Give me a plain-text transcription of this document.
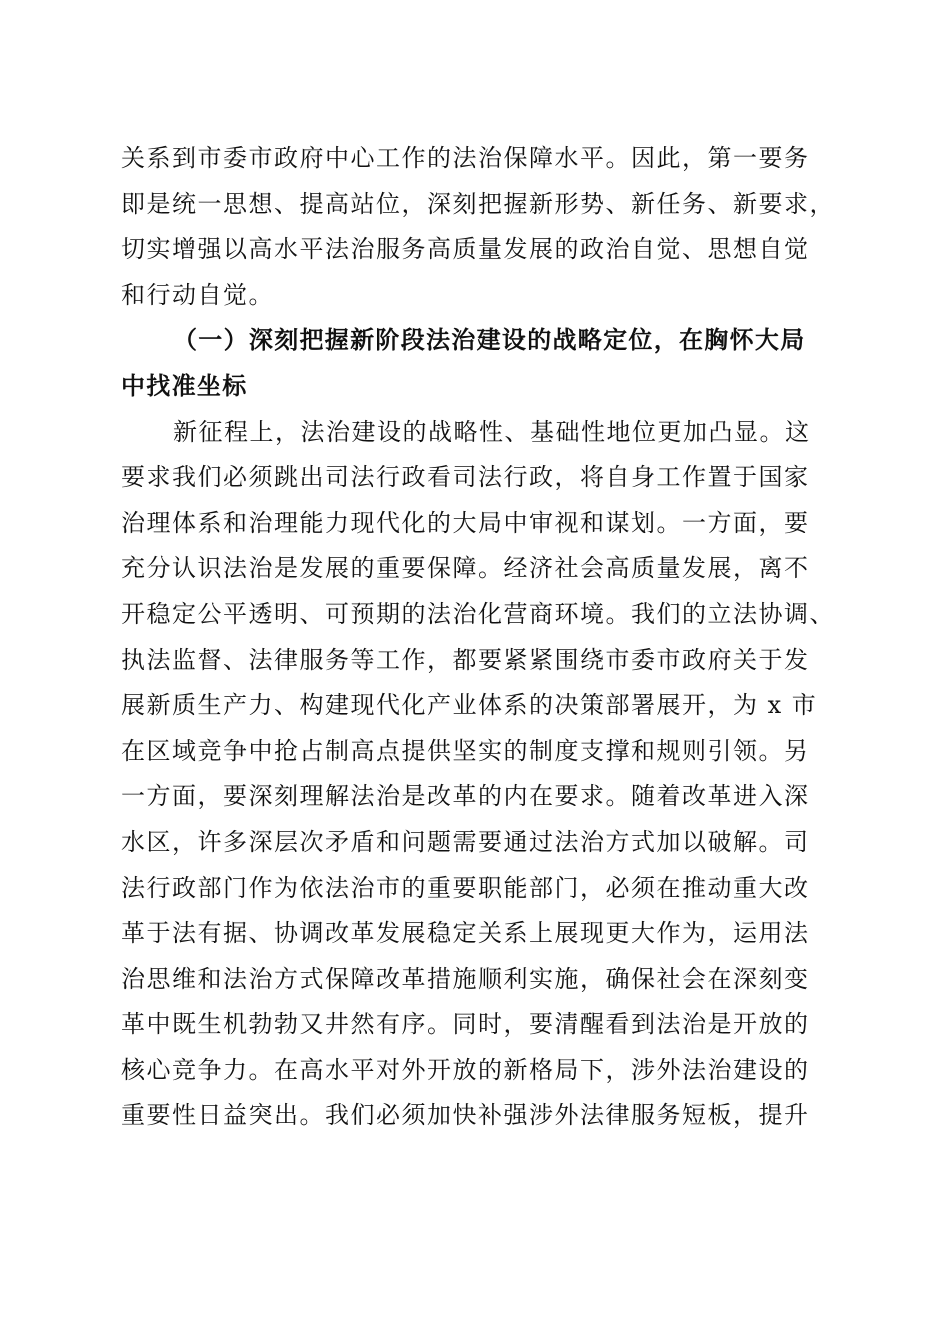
关系到市委市政府中心工作的法治保障水平。因此，第一要务
即是统一思想、提高站位，深刻把握新形势、新任务、新要求，
切实增强以高水平法治服务高质量发展的政治自觉、思想自觉
和行动自觉。
（一）深刻把握新阶段法治建设的战略定位，在胸怀大局
中找准坐标
新征程上，法治建设的战略性、基础性地位更加凸显。这
要求我们必须跳出司法行政看司法行政，将自身工作置于国家
治理体系和治理能力现代化的大局中审视和谋划。一方面，要
充分认识法治是发展的重要保障。经济社会高质量发展，离不
开稳定公平透明、可预期的法治化营商环境。我们的立法协调、
执法监督、法律服务等工作，都要紧紧围绕市委市政府关于发
展新质生产力、构建现代化产业体系的决策部署展开，为 x 市
在区域竞争中抢占制高点提供坚实的制度支撑和规则引领。另
一方面，要深刻理解法治是改革的内在要求。随着改革进入深
水区，许多深层次矛盾和问题需要通过法治方式加以破解。司
法行政部门作为依法治市的重要职能部门，必须在推动重大改
革于法有据、协调改革发展稳定关系上展现更大作为，运用法
治思维和法治方式保障改革措施顺利实施，确保社会在深刻变
革中既生机勃勃又井然有序。同时，要清醒看到法治是开放的
核心竞争力。在高水平对外开放的新格局下，涉外法治建设的
重要性日益突出。我们必须加快补强涉外法律服务短板，提升
